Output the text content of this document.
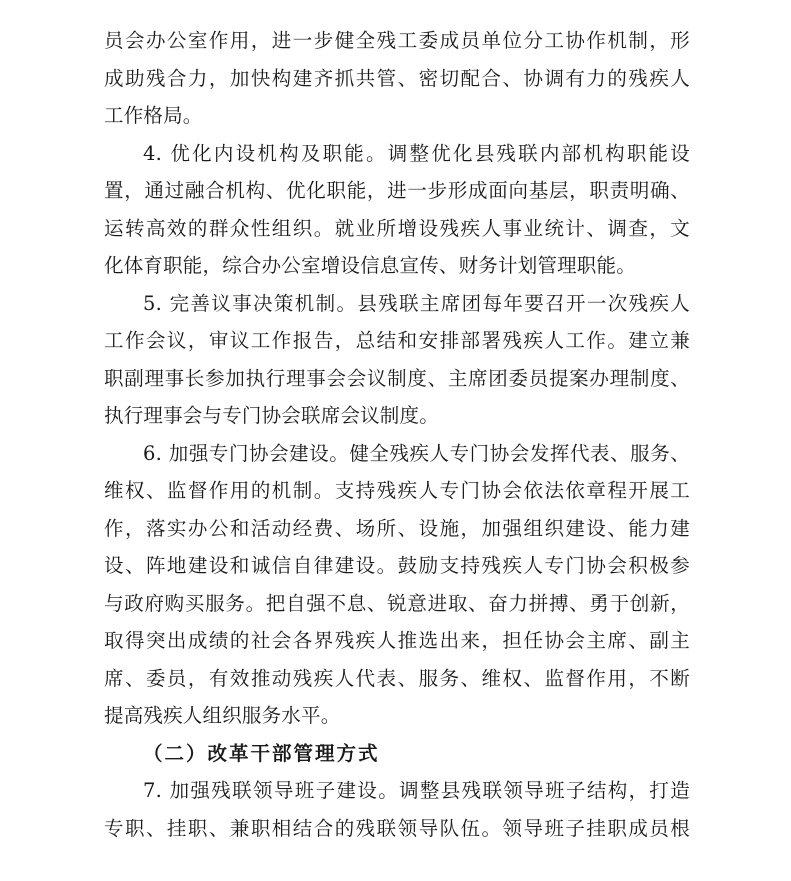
员会办公室作用，进一步健全残工委成员单位分工协作机制，形
成助残合力，加快构建齐抓共管、密切配合、协调有力的残疾人
工作格局。

4. 优化内设机构及职能。调整优化县残联内部机构职能设
置，通过融合机构、优化职能，进一步形成面向基层，职责明确、
运转高效的群众性组织。就业所增设残疾人事业统计、调查，文
化体育职能，综合办公室增设信息宣传、财务计划管理职能。

5. 完善议事决策机制。县残联主席团每年要召开一次残疾人
工作会议，审议工作报告，总结和安排部署残疾人工作。建立兼
职副理事长参加执行理事会会议制度、主席团委员提案办理制度、
执行理事会与专门协会联席会议制度。

6. 加强专门协会建设。健全残疾人专门协会发挥代表、服务、
维权、监督作用的机制。支持残疾人专门协会依法依章程开展工
作，落实办公和活动经费、场所、设施，加强组织建设、能力建
设、阵地建设和诚信自律建设。鼓励支持残疾人专门协会积极参
与政府购买服务。把自强不息、锐意进取、奋力拼搏、勇于创新，
取得突出成绩的社会各界残疾人推选出来，担任协会主席、副主
席、委员，有效推动残疾人代表、服务、维权、监督作用，不断
提高残疾人组织服务水平。

（二）改革干部管理方式

7. 加强残联领导班子建设。调整县残联领导班子结构，打造
专职、挂职、兼职相结合的残联领导队伍。领导班子挂职成员根
